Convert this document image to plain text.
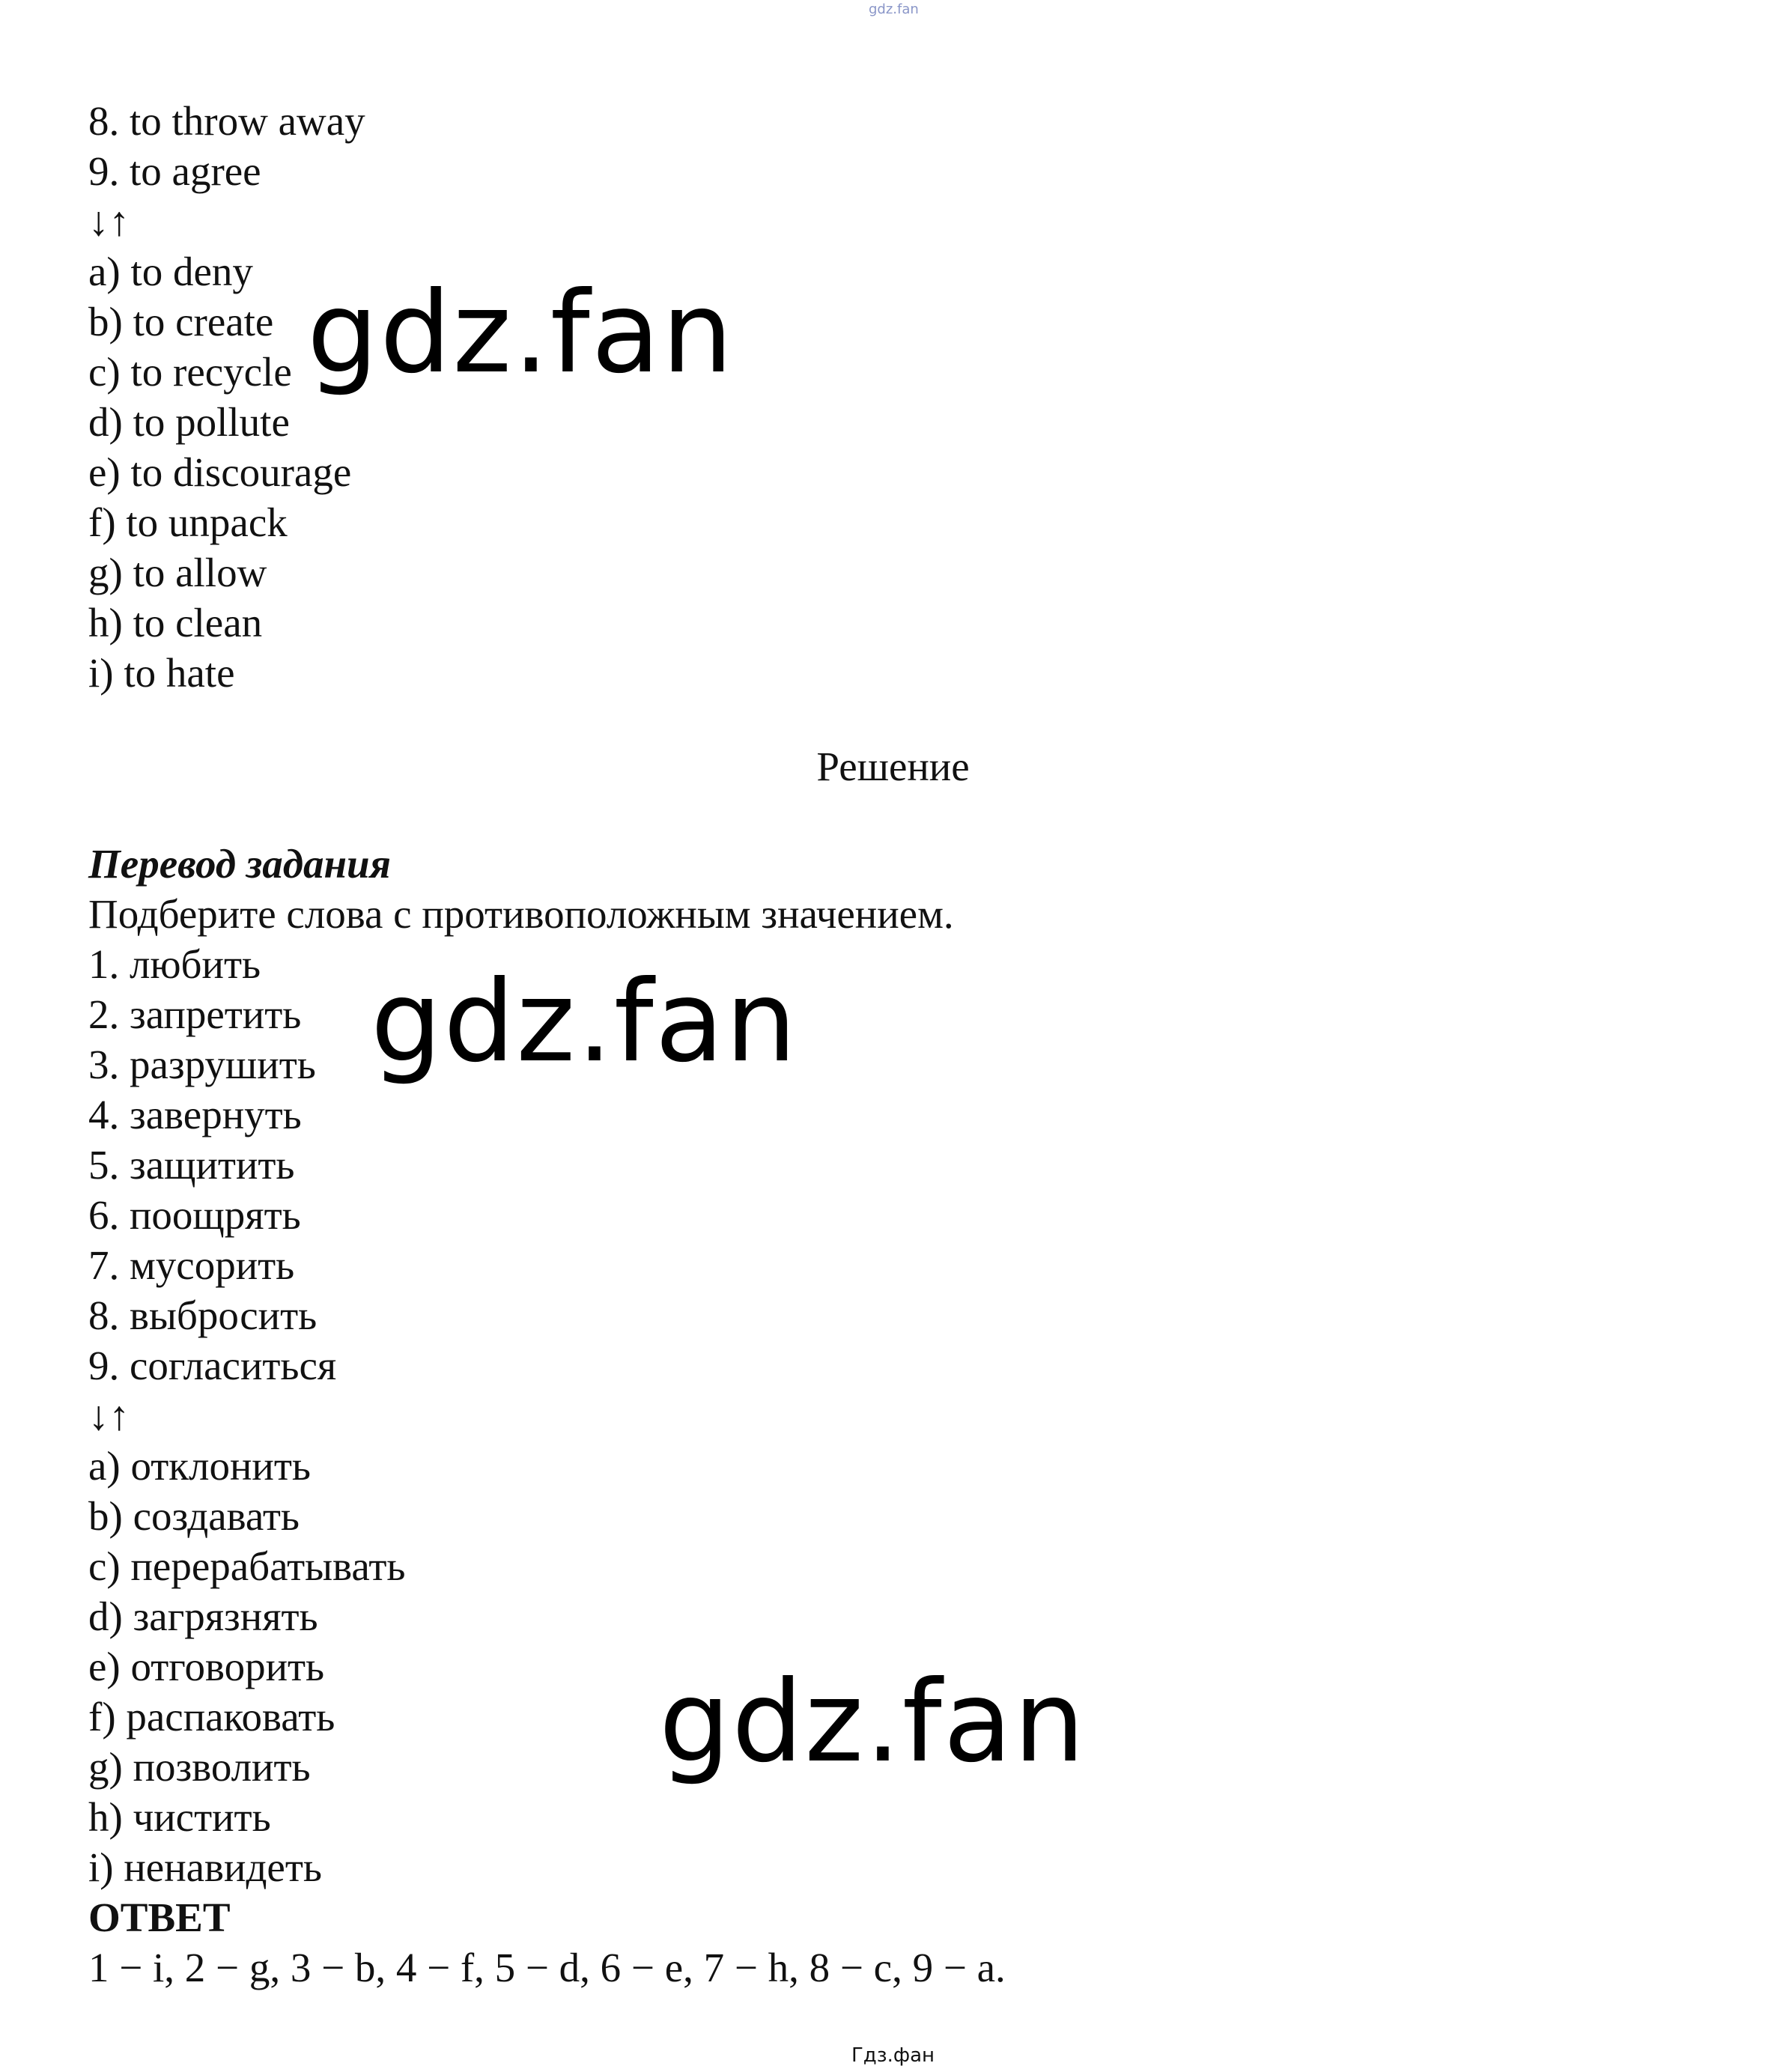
gdz.fan
8. to throw away
9. to agree
↓↑
a) to deny
b) to create
c) to recycle
d) to pollute
e) to discourage
f) to unpack
g) to allow
h) to clean
i) to hate
Решение
Перевод задания
Подберите слова с противоположным значением.
1. любить
2. запретить
3. разрушить
4. завернуть
5. защитить
6. поощрять
7. мусорить
8. выбросить
9. согласиться
↓↑
a) отклонить
b) создавать
c) перерабатывать
d) загрязнять
e) отговорить
f) распаковать
g) позволить
h) чистить
i) ненавидеть
ОТВЕТ
1 − i, 2 − g, 3 − b, 4 − f, 5 − d, 6 − e, 7 − h, 8 − c, 9 − a.
gdz.fan
gdz.fan
gdz.fan
Гдз.фан
